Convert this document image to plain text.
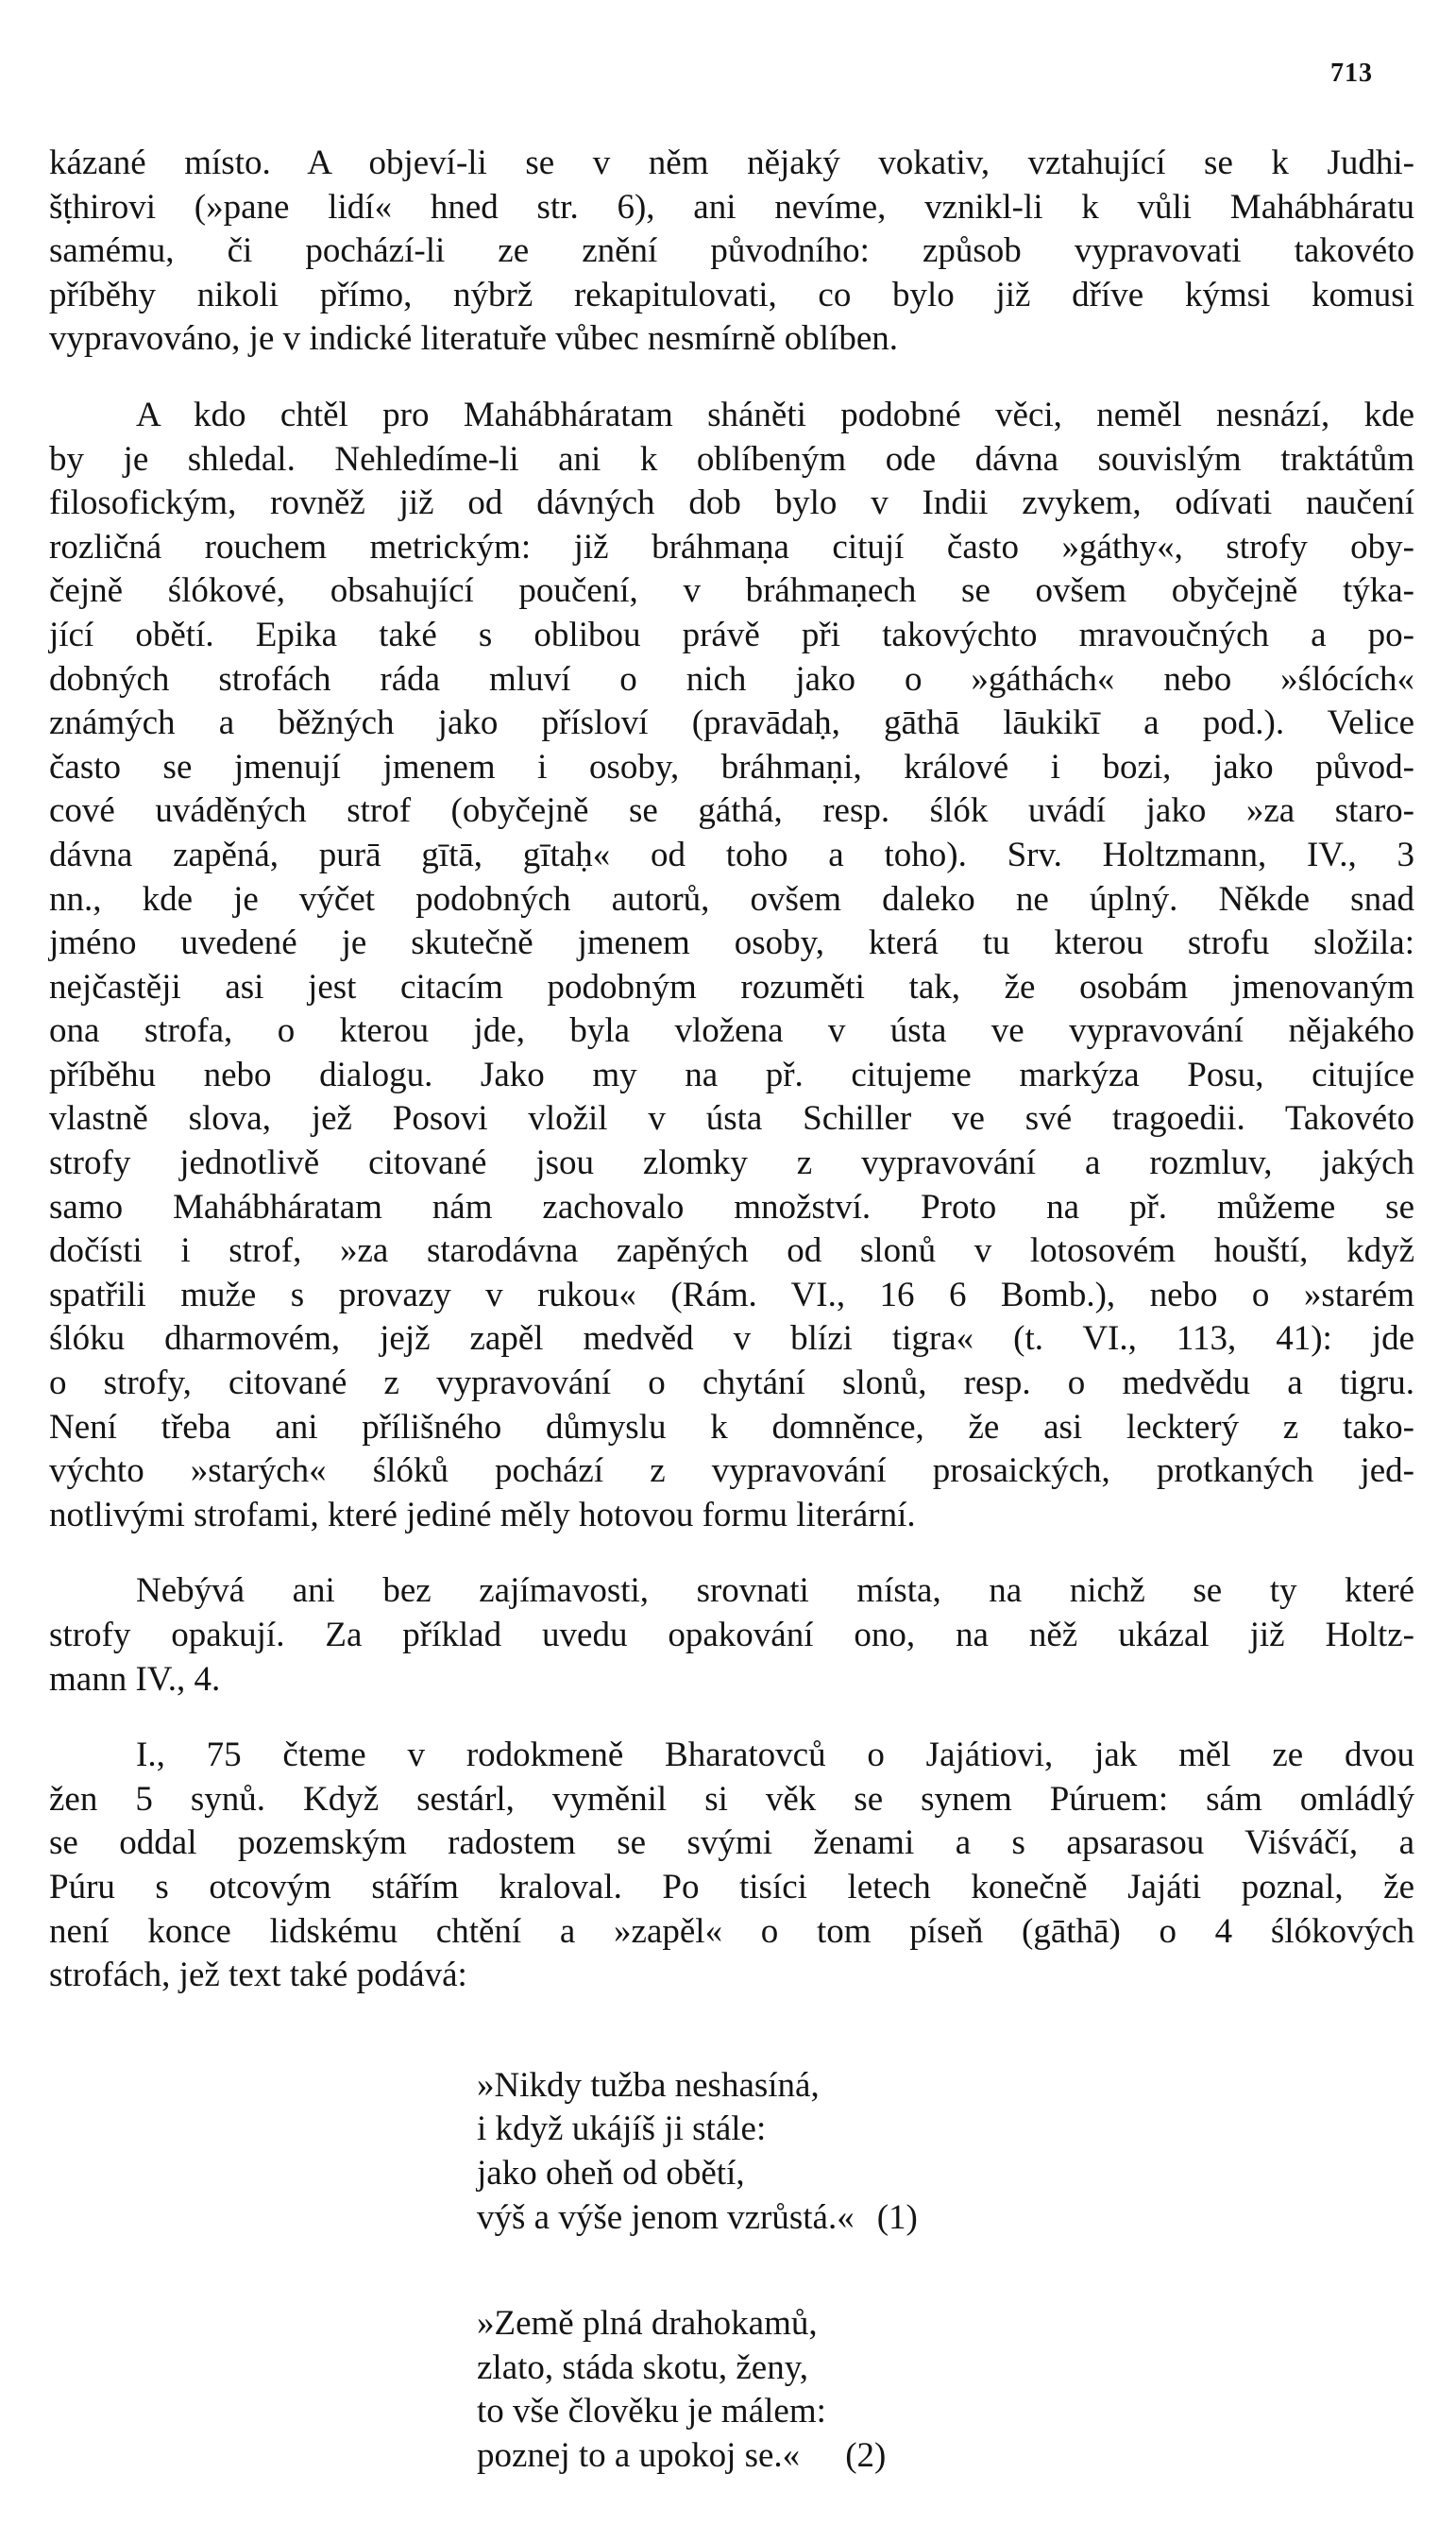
713

kázané místo. A objeví-li se v něm nějaký vokativ, vztahující se k Judhi-
šṭhirovi (»pane lidí« hned str. 6), ani nevíme, vznikl-li k vůli Mahábháratu
samému, či pochází-li ze znění původního: způsob vypravovati takovéto
příběhy nikoli přímo, nýbrž rekapitulovati, co bylo již dříve kýmsi komusi
vypravováno, je v indické literatuře vůbec nesmírně oblíben.

A kdo chtěl pro Mahábháratam sháněti podobné věci, neměl nesnází, kde
by je shledal. Nehledíme-li ani k oblíbeným ode dávna souvislým traktátům
filosofickým, rovněž již od dávných dob bylo v Indii zvykem, odívati naučení
rozličná rouchem metrickým: již bráhmaṇa citují často »gáthy«, strofy oby-
čejně ślókové, obsahující poučení, v bráhmaṇech se ovšem obyčejně týka-
jící obětí. Epika také s oblibou právě při takovýchto mravoučných a po-
dobných strofách ráda mluví o nich jako o »gáthách« nebo »ślócích«
známých a běžných jako přísloví (pravādaḥ, gāthā lāukikī a pod.). Velice
často se jmenují jmenem i osoby, bráhmaṇi, králové i bozi, jako původ-
cové uváděných strof (obyčejně se gáthá, resp. ślók uvádí jako »za staro-
dávna zapěná, purā gītā, gītaḥ« od toho a toho). Srv. Holtzmann, IV., 3
nn., kde je výčet podobných autorů, ovšem daleko ne úplný. Někde snad
jméno uvedené je skutečně jmenem osoby, která tu kterou strofu složila:
nejčastěji asi jest citacím podobným rozuměti tak, že osobám jmenovaným
ona strofa, o kterou jde, byla vložena v ústa ve vypravování nějakého
příběhu nebo dialogu. Jako my na př. citujeme markýza Posu, citujíce
vlastně slova, jež Posovi vložil v ústa Schiller ve své tragoedii. Takovéto
strofy jednotlivě citované jsou zlomky z vypravování a rozmluv, jakých
samo Mahábháratam nám zachovalo množství. Proto na př. můžeme se
dočísti i strof, »za starodávna zapěných od slonů v lotosovém houští, když
spatřili muže s provazy v rukou« (Rám. VI., 16 6 Bomb.), nebo o »starém
ślóku dharmovém, jejž zapěl medvěd v blízi tigra« (t. VI., 113, 41): jde
o strofy, citované z vypravování o chytání slonů, resp. o medvědu a tigru.
Není třeba ani přílišného důmyslu k domněnce, že asi leckterý z tako-
výchto »starých« ślóků pochází z vypravování prosaických, protkaných jed-
notlivými strofami, které jediné měly hotovou formu literární.

Nebývá ani bez zajímavosti, srovnati místa, na nichž se ty které
strofy opakují. Za příklad uvedu opakování ono, na něž ukázal již Holtz-
mann IV., 4.

I., 75 čteme v rodokmeně Bharatovců o Jajátiovi, jak měl ze dvou
žen 5 synů. Když sestárl, vyměnil si věk se synem Púruem: sám omládlý
se oddal pozemským radostem se svými ženami a s apsarasou Viśváčí, a
Púru s otcovým stářím kraloval. Po tisíci letech konečně Jajáti poznal, že
není konce lidskému chtění a »zapěl« o tom píseň (gāthā) o 4 ślókových
strofách, jež text také podává:

»Nikdy tužba neshasíná,
i když ukájíš ji stále:
jako oheň od obětí,
výš a výše jenom vzrůstá.« (1)
»Země plná drahokamů,
zlato, stáda skotu, ženy,
to vše člověku je málem:
poznej to a upokoj se.« (2)
